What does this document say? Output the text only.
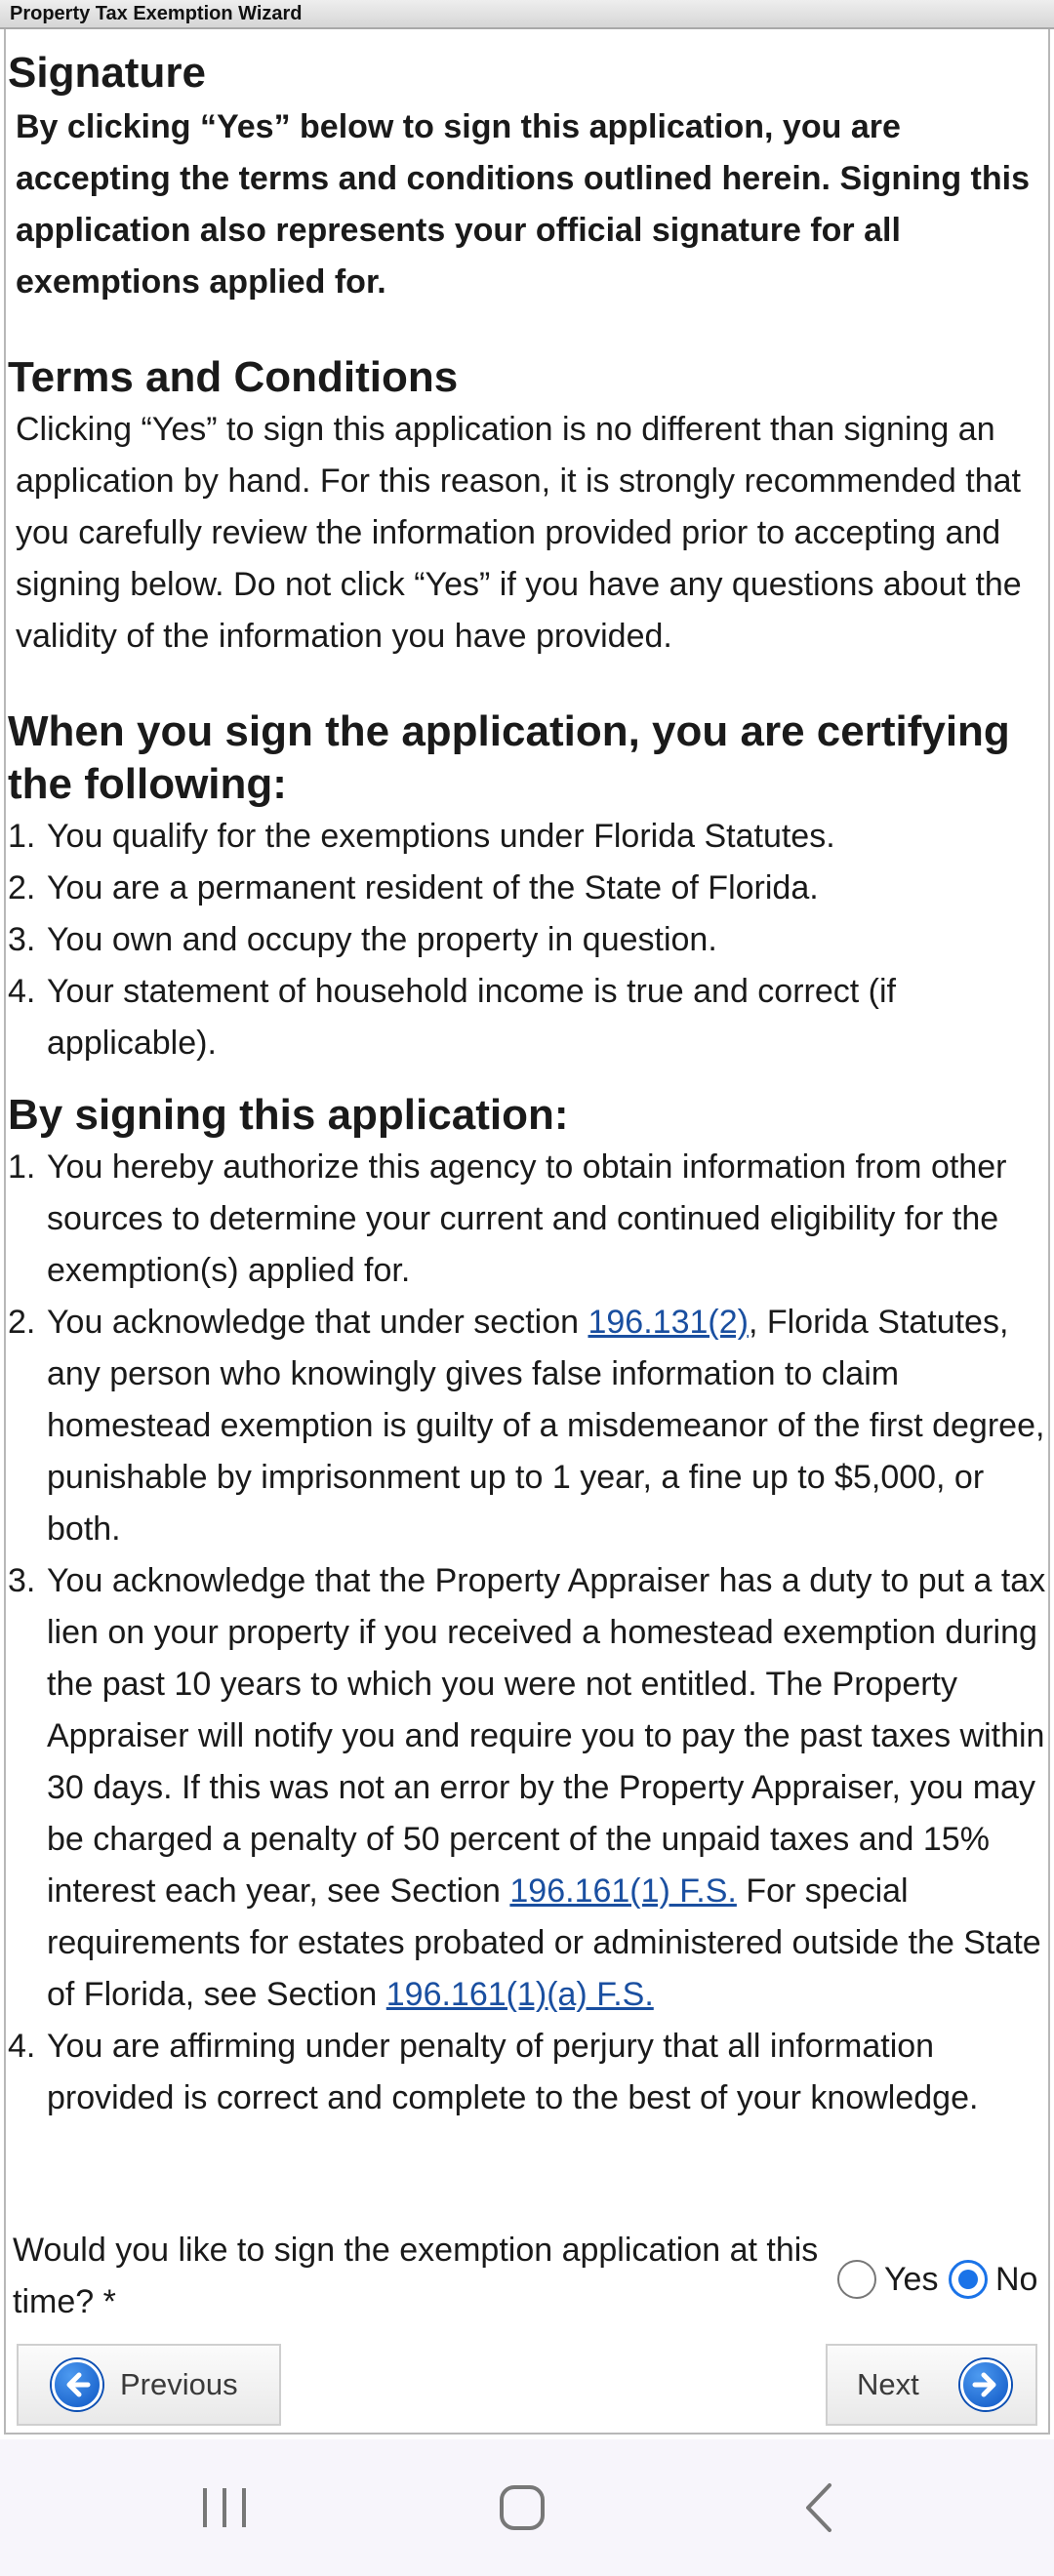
Property Tax Exemption Wizard
Signature

By clicking “Yes” below to sign this application, you are accepting the terms and conditions outlined herein. Signing this application also represents your official signature for all exemptions applied for.

Terms and Conditions

Clicking “Yes” to sign this application is no different than signing an application by hand. For this reason, it is strongly recommended that you carefully review the information provided prior to accepting and signing below. Do not click “Yes” if you have any questions about the validity of the information you have provided.

When you sign the application, you are certifying the following:
1. You qualify for the exemptions under Florida Statutes.
2. You are a permanent resident of the State of Florida.
3. You own and occupy the property in question.
4. Your statement of household income is true and correct (if applicable).
By signing this application:
1. You hereby authorize this agency to obtain information from other sources to determine your current and continued eligibility for the exemption(s) applied for.
2. You acknowledge that under section 196.131(2), Florida Statutes, any person who knowingly gives false information to claim homestead exemption is guilty of a misdemeanor of the first degree, punishable by imprisonment up to 1 year, a fine up to $5,000, or both.
3. You acknowledge that the Property Appraiser has a duty to put a tax lien on your property if you received a homestead exemption during the past 10 years to which you were not entitled. The Property Appraiser will notify you and require you to pay the past taxes within 30 days. If this was not an error by the Property Appraiser, you may be charged a penalty of 50 percent of the unpaid taxes and 15% interest each year, see Section 196.161(1) F.S. For special requirements for estates probated or administered outside the State of Florida, see Section 196.161(1)(a) F.S.
4. You are affirming under penalty of perjury that all information provided is correct and complete to the best of your knowledge.
Would you like to sign the exemption application at this time? *
Yes No
Previous	Next
